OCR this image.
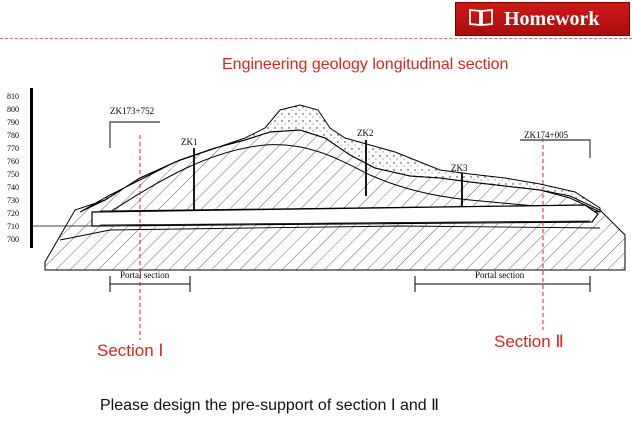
Homework
Engineering geology longitudinal section
810
800
790
780
770
760
750
740
730
720
710
700
ZK173+752
ZK1
ZK2
ZK3
ZK174+005
Portal section	Portal section
Section Ⅰ	Section Ⅱ
Please design the pre-support of section Ⅰ and Ⅱ
